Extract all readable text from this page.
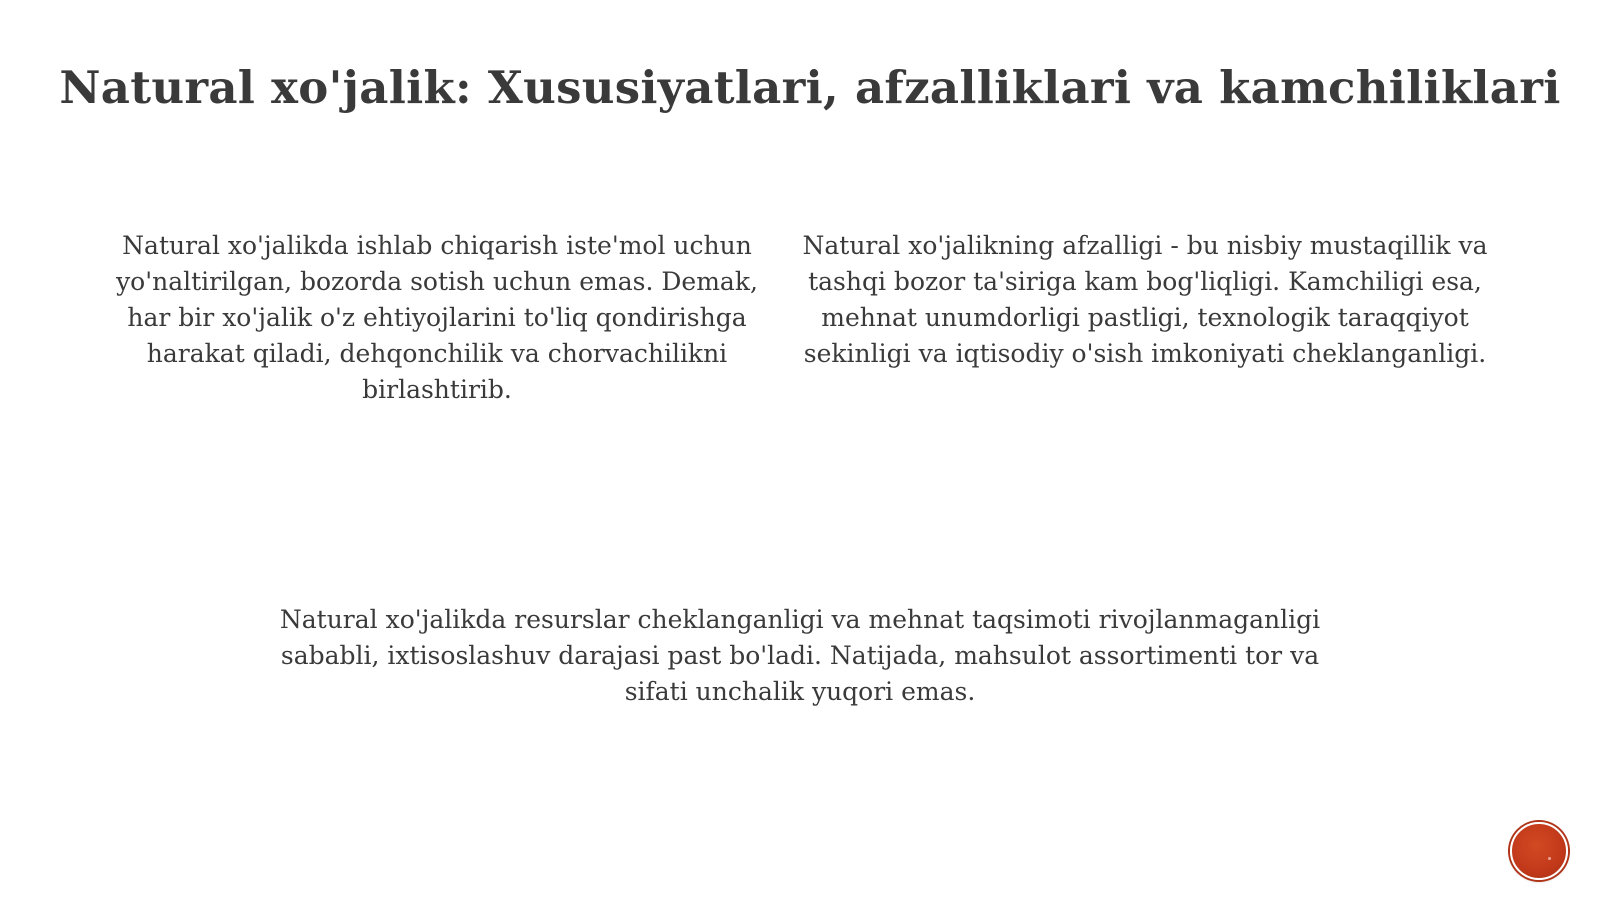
Natural xo'jalik: Xususiyatlari, afzalliklari va kamchiliklari

Natural xo'jalikda ishlab chiqarish iste'mol uchun yo'naltirilgan, bozorda sotish uchun emas. Demak, har bir xo'jalik o'z ehtiyojlarini to'liq qondirishga harakat qiladi, dehqonchilik va chorvachilikni birlashtirib.

Natural xo'jalikning afzalligi - bu nisbiy mustaqillik va tashqi bozor ta'siriga kam bog'liqligi. Kamchiligi esa, mehnat unumdorligi pastligi, texnologik taraqqiyot sekinligi va iqtisodiy o'sish imkoniyati cheklanganligi.

Natural xo'jalikda resurslar cheklanganligi va mehnat taqsimoti rivojlanmaganligi sababli, ixtisoslashuv darajasi past bo'ladi. Natijada, mahsulot assortimenti tor va sifati unchalik yuqori emas.
